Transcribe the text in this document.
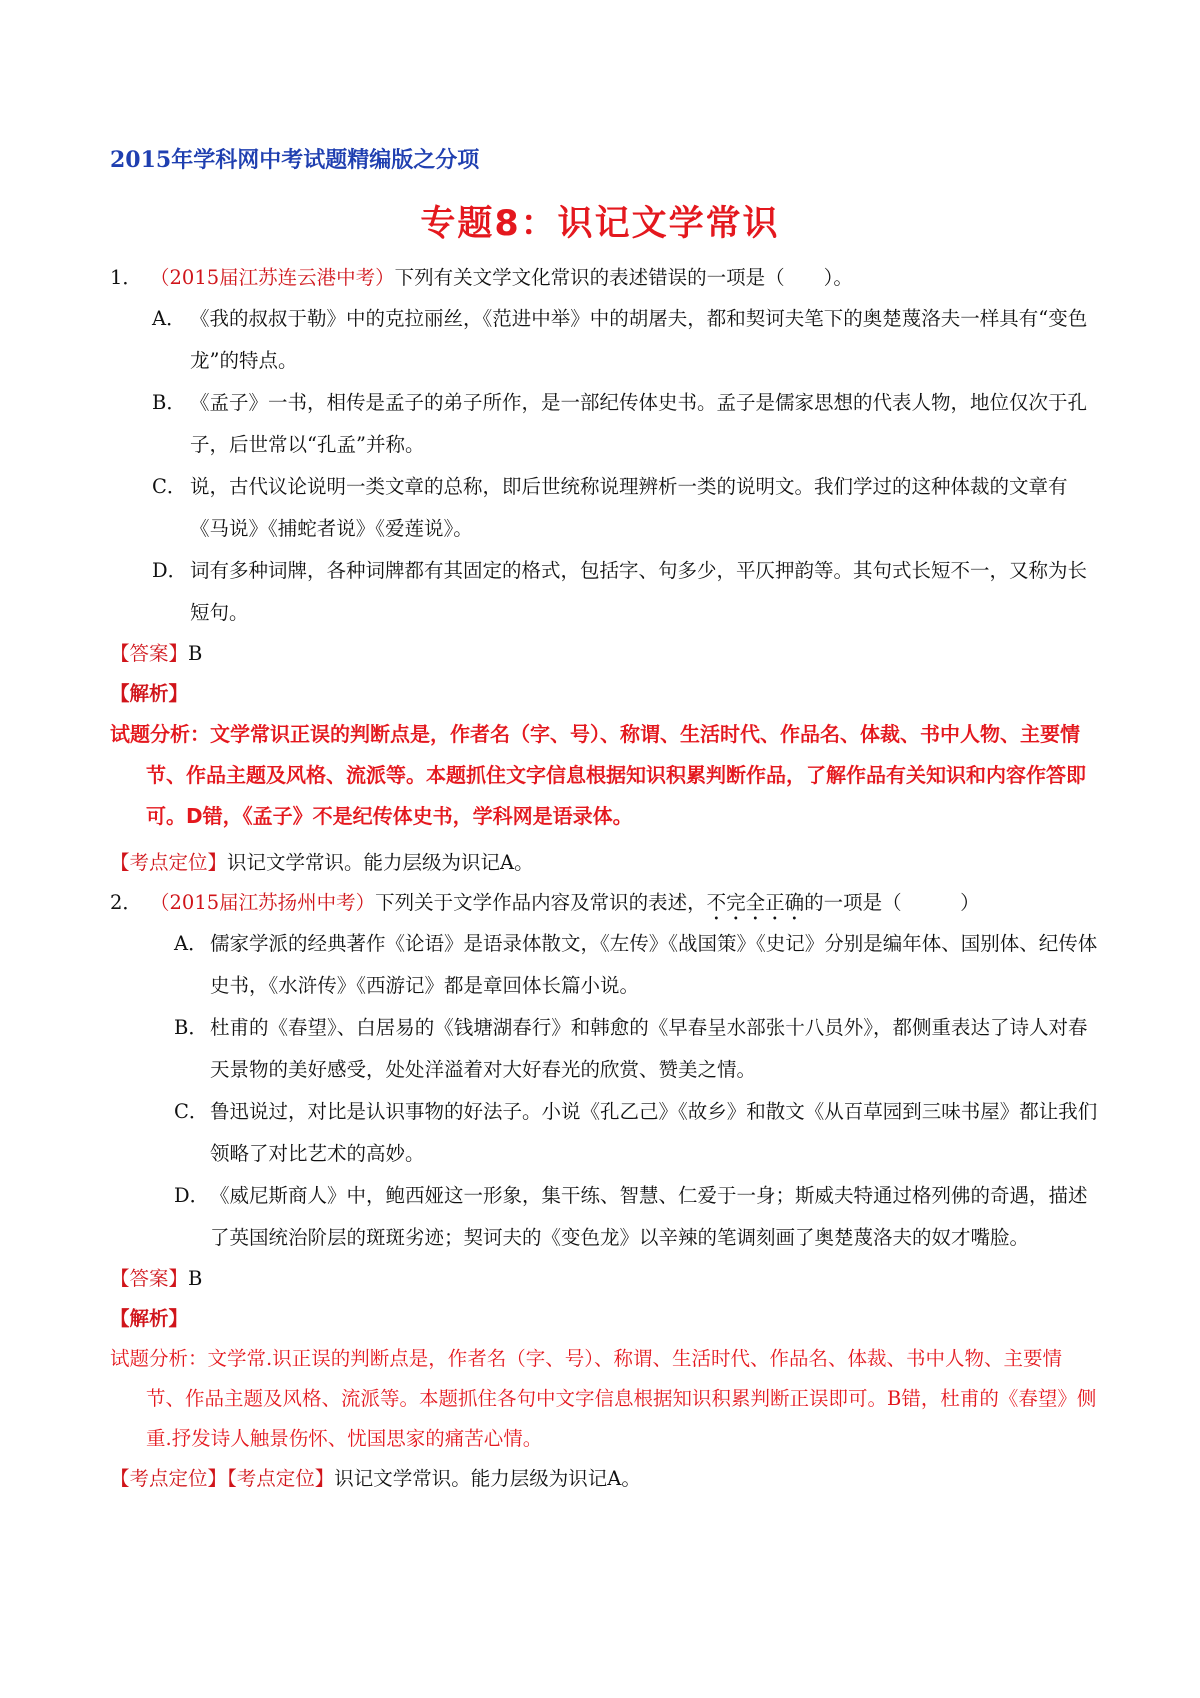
2015年学科网中考试题精编版之分项
专题8：识记文学常识
1． （2015届江苏连云港中考）下列有关文学文化常识的表述错误的一项是（　　）。
A． 《我的叔叔于勒》中的克拉丽丝，《范进中举》中的胡屠夫，都和契诃夫笔下的奥楚蔑洛夫一样具有“变色龙”的特点。
B． 《孟子》一书，相传是孟子的弟子所作，是一部纪传体史书。孟子是儒家思想的代表人物，地位仅次于孔子，后世常以“孔孟”并称。
C． 说，古代议论说明一类文章的总称，即后世统称说理辨析一类的说明文。我们学过的这种体裁的文章有《马说》《捕蛇者说》《爱莲说》。
D． 词有多种词牌，各种词牌都有其固定的格式，包括字、句多少，平仄押韵等。其句式长短不一，又称为长短句。
【答案】B
【解析】
试题分析：文学常识正误的判断点是，作者名（字、号）、称谓、生活时代、作品名、体裁、书中人物、主要情节、作品主题及风格、流派等。本题抓住文字信息根据知识积累判断作品，了解作品有关知识和内容作答即可。D错，《孟子》不是纪传体史书，学科网是语录体。
【考点定位】识记文学常识。能力层级为识记A。
2． （2015届江苏扬州中考）下列关于文学作品内容及常识的表述，不完全正确的一项是（　　　）
A． 儒家学派的经典著作《论语》是语录体散文，《左传》《战国策》《史记》分别是编年体、国别体、纪传体史书，《水浒传》《西游记》都是章回体长篇小说。
B． 杜甫的《春望》、白居易的《钱塘湖春行》和韩愈的《早春呈水部张十八员外》，都侧重表达了诗人对春天景物的美好感受，处处洋溢着对大好春光的欣赏、赞美之情。
C． 鲁迅说过，对比是认识事物的好法子。小说《孔乙己》《故乡》和散文《从百草园到三味书屋》都让我们领略了对比艺术的高妙。
D． 《威尼斯商人》中，鲍西娅这一形象，集干练、智慧、仁爱于一身；斯威夫特通过格列佛的奇遇，描述了英国统治阶层的斑斑劣迹；契诃夫的《变色龙》以辛辣的笔调刻画了奥楚蔑洛夫的奴才嘴脸。
【答案】B
【解析】
试题分析：文学常.识正误的判断点是，作者名（字、号）、称谓、生活时代、作品名、体裁、书中人物、主要情节、作品主题及风格、流派等。本题抓住各句中文字信息根据知识积累判断正误即可。B错，杜甫的《春望》侧重.抒发诗人触景伤怀、忧国思家的痛苦心情。
【考点定位】【考点定位】识记文学常识。能力层级为识记A。
